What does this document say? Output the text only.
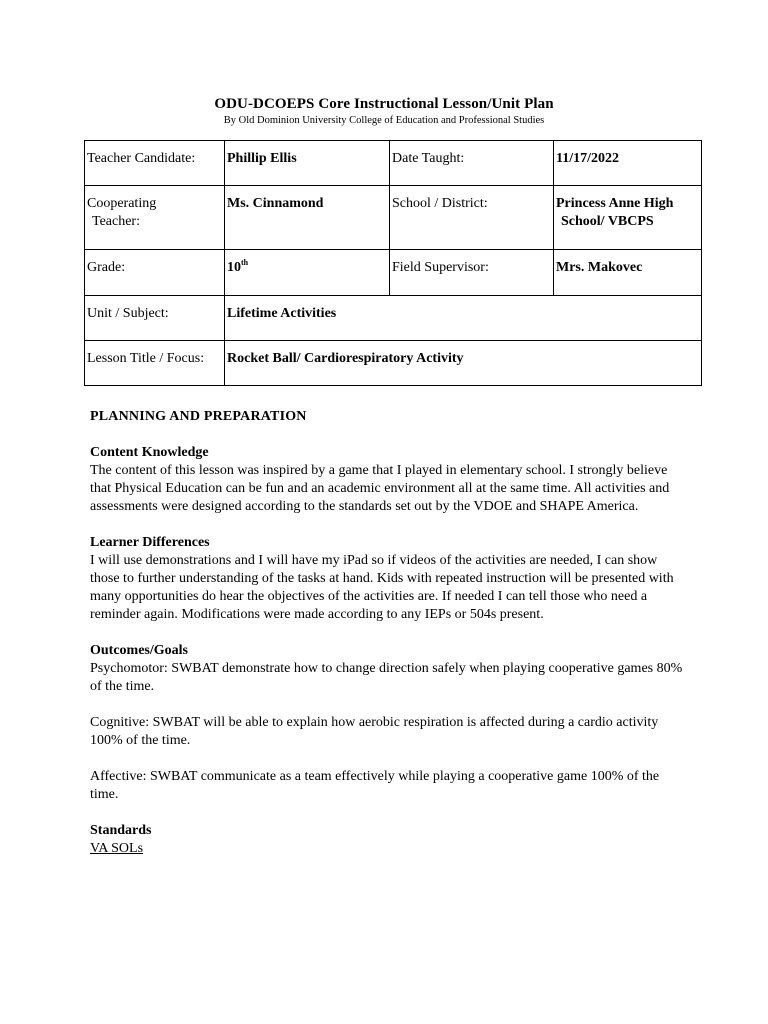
ODU-DCOEPS Core Instructional Lesson/Unit Plan
By Old Dominion University College of Education and Professional Studies
Teacher Candidate:	Phillip Ellis	Date Taught:	11/17/2022
Cooperating
Teacher:	Ms. Cinnamond	School / District:	Princess Anne High
School/ VBCPS
Grade:	10th	Field Supervisor:	Mrs. Makovec
Unit / Subject:	Lifetime Activities		
Lesson Title / Focus:	Rocket Ball/ Cardiorespiratory Activity		

PLANNING AND PREPARATION

Content Knowledge

The content of this lesson was inspired by a game that I played in elementary school. I strongly believe that Physical Education can be fun and an academic environment all at the same time. All activities and assessments were designed according to the standards set out by the VDOE and SHAPE America.

Learner Differences

I will use demonstrations and I will have my iPad so if videos of the activities are needed, I can show those to further understanding of the tasks at hand. Kids with repeated instruction will be presented with many opportunities do hear the objectives of the activities are. If needed I can tell those who need a reminder again. Modifications were made according to any IEPs or 504s present.

Outcomes/Goals

Psychomotor: SWBAT demonstrate how to change direction safely when playing cooperative games 80% of the time.

Cognitive: SWBAT will be able to explain how aerobic respiration is affected during a cardio activity 100% of the time.

Affective: SWBAT communicate as a team effectively while playing a cooperative game 100% of the time.

Standards

VA SOLs
